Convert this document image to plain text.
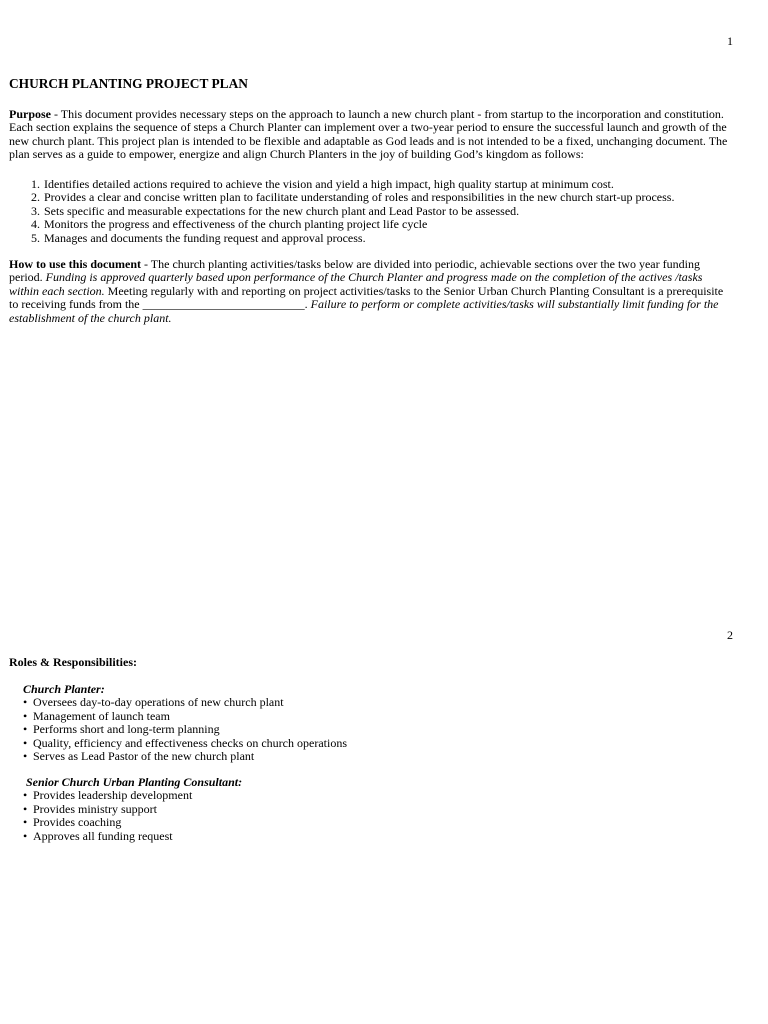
1
CHURCH PLANTING PROJECT PLAN

Purpose - This document provides necessary steps on the approach to launch a new church plant - from startup to the incorporation and constitution. Each section explains the sequence of steps a Church Planter can implement over a two-year period to ensure the successful launch and growth of the new church plant. This project plan is intended to be flexible and adaptable as God leads and is not intended to be a fixed, unchanging document. The plan serves as a guide to empower, energize and align Church Planters in the joy of building God’s kingdom as follows:

1. Identifies detailed actions required to achieve the vision and yield a high impact, high quality startup at minimum cost.
2. Provides a clear and concise written plan to facilitate understanding of roles and responsibilities in the new church start-up process.
3. Sets specific and measurable expectations for the new church plant and Lead Pastor to be assessed.
4. Monitors the progress and effectiveness of the church planting project life cycle
5. Manages and documents the funding request and approval process.

How to use this document - The church planting activities/tasks below are divided into periodic, achievable sections over the two year funding period. Funding is approved quarterly based upon performance of the Church Planter and progress made on the completion of the actives /tasks within each section. Meeting regularly with and reporting on project activities/tasks to the Senior Urban Church Planting Consultant is a prerequisite to receiving funds from the ___________________________. Failure to perform or complete activities/tasks will substantially limit funding for the establishment of the church plant.

2

Roles & Responsibilities:

Church Planter:
• Oversees day-to-day operations of new church plant
• Management of launch team
• Performs short and long-term planning
• Quality, efficiency and effectiveness checks on church operations
• Serves as Lead Pastor of the new church plant
Senior Church Urban Planting Consultant:
• Provides leadership development
• Provides ministry support
• Provides coaching
• Approves all funding request
